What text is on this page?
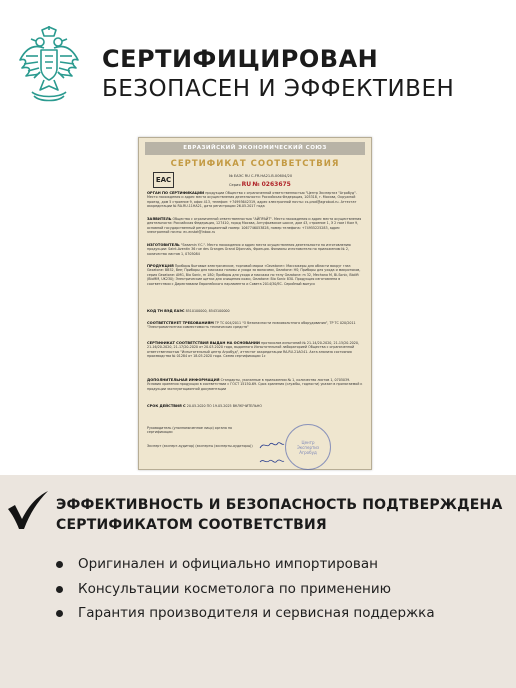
СЕРТИФИЦИРОВАН
БЕЗОПАСЕН И ЭФФЕКТИВЕН
ЕВРАЗИЙСКИЙ ЭКОНОМИЧЕСКИЙ СОЮЗ
СЕРТИФИКАТ СООТВЕТСТВИЯ
EAC	№ ЕАЭС RU С-FR.НА21.В.00604/20
Серия RU № 0263675
ОРГАН ПО СЕРТИФИКАЦИИ продукции Общество с ограниченной ответственностью "Центр Экспертиз "Агробуд". Место нахождения и адрес места осуществления деятельности: Российская Федерация, 105318, г. Москва, Окружной проезд, дом 5 строение 9, офис 413, телефон: +74993642319, адрес электронной почты: cs-prod@agrobud.ru. Аттестат аккредитации № RA.RU.11НА21, дата регистрации 26.05.2017 года
ЗАЯВИТЕЛЬ Общество с ограниченной ответственностью "АЙПРАЙТ". Место нахождения и адрес места осуществления деятельности: Российская Федерация, 127410, город Москва, Алтуфьевское шоссе, дом 43, строение 1, Э 2 пом I Ком 9, основной государственный регистрационный номер: 1067746053828, номер телефона: +74955225283, адрес электронной почты: ec-ecstat@inbox.ru
ИЗГОТОВИТЕЛЬ "Seaamin Y.C.". Место нахождения и адрес места осуществления деятельности по изготовлению продукции: Saint-Aventin 36 rue des Granges Grand Dijonnais, Франция. Филиалы изготовителя по приложению № 2, количество листов 1, 0705084
ПРОДУКЦИЯ Приборы бытовые электрические, торговой марки «Gezatone»: Массажеры для области вокруг глаз Gezatone: BB52, Bee; Приборы для массажа головы и ухода за волосами, Gezatone: HS; Приборы для ухода и микротоков, серия Gezatone: AMG, Bio Sonic, m 180; Приборы для ухода и массажа по телу Gezatone: m 32, Mechano M, Bi-Sonic, Biolift (BioMM, UK230); Электрические щетки для очищения кожи, Gezatone: Bio Sonic 830. Продукция изготовлена в соответствии с Директивами Европейского парламента и Совета 2014/30/ЕС. Серийный выпуск
КОД ТН ВЭД ЕАЭС 8510100000, 8543100000
СООТВЕТСТВУЕТ ТРЕБОВАНИЯМ ТР ТС 004/2011 "О безопасности низковольтного оборудования", ТР ТС 020/2011 "Электромагнитная совместимость технических средств"
СЕРТИФИКАТ СООТВЕТСТВИЯ ВЫДАН НА ОСНОВАНИИ протоколов испытаний № 21-14/20-2020, 21-15/20-2020, 21-16/20-2020, 21-17/20-2020 от 20.03.2020 года, выданного Испытательной лабораторией Общества с ограниченной ответственностью "Испытательный центр Агробуд", аттестат аккредитации RA.RU.21АО41. Акта анализа состояния производства № 01284 от 18.05.2020 года. Схема сертификации 1с
ДОПОЛНИТЕЛЬНАЯ ИНФОРМАЦИЯ Стандарты, указанные в приложении № 1, количество листов 1, 0705039. Условия хранения продукции в соответствии с ГОСТ 15150-69. Срок хранения (службы, годности) указан в прилагаемой к продукции эксплуатационной документации
СРОК ДЕЙСТВИЯ С 20.05.2020 ПО 19.05.2025 ВКЛЮЧИТЕЛЬНО
Руководитель (уполномоченное лицо) органа по сертификации
Эксперт (эксперт-аудитор) (эксперты (эксперты-аудиторы))
Центр
Экспертиз
Агробуд
ЭФФЕКТИВНОСТЬ И БЕЗОПАСНОСТЬ ПОДТВЕРЖДЕНА
СЕРТИФИКАТОМ СООТВЕТСТВИЯ
Оригинален и официально импортирован
Консультации косметолога по применению
Гарантия производителя и сервисная поддержка
